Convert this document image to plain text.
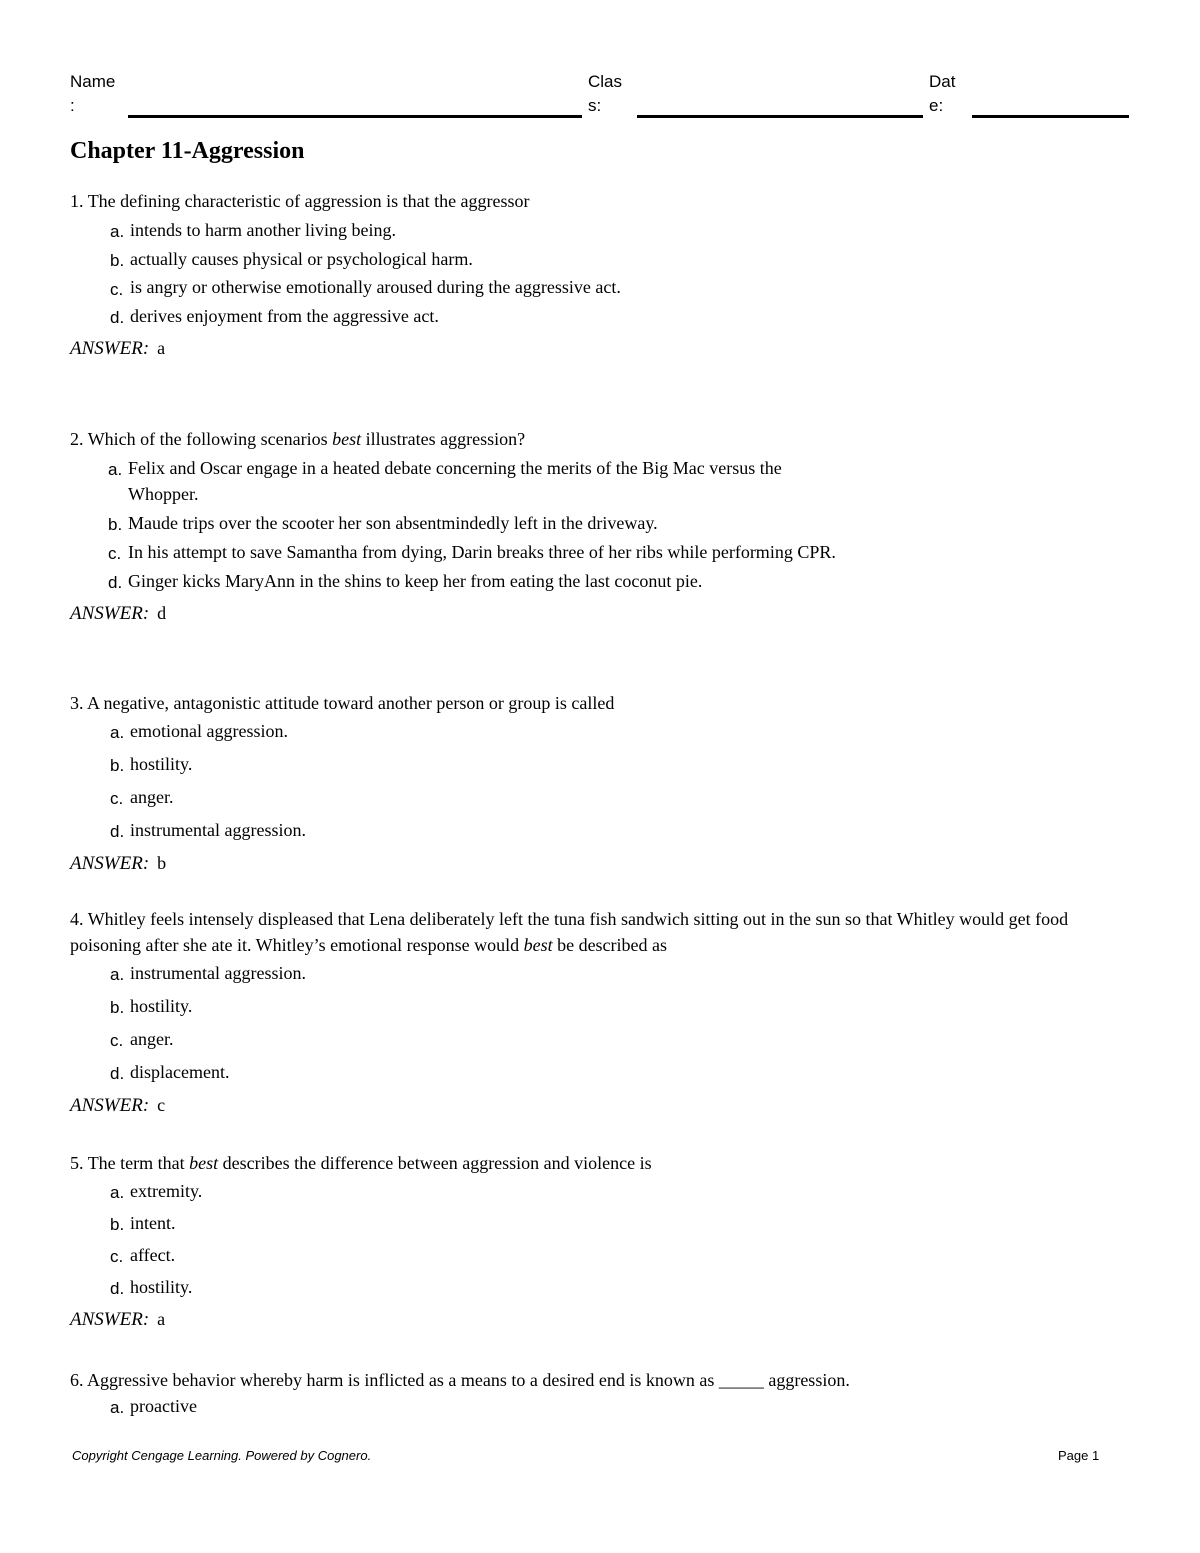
Name
:
Clas
s:
Dat
e:
Chapter 11-Aggression

1. The defining characteristic of aggression is that the aggressor

a. intends to harm another living being.
b. actually causes physical or psychological harm.
c. is angry or otherwise emotionally aroused during the aggressive act.
d. derives enjoyment from the aggressive act.
ANSWER: a

2. Which of the following scenarios best illustrates aggression?

a. Felix and Oscar engage in a heated debate concerning the merits of the Big Mac versus the Whopper.
b. Maude trips over the scooter her son absentmindedly left in the driveway.
c. In his attempt to save Samantha from dying, Darin breaks three of her ribs while performing CPR.
d. Ginger kicks MaryAnn in the shins to keep her from eating the last coconut pie.
ANSWER: d

3. A negative, antagonistic attitude toward another person or group is called

a. emotional aggression.
b. hostility.
c. anger.
d. instrumental aggression.
ANSWER: b

4. Whitley feels intensely displeased that Lena deliberately left the tuna fish sandwich sitting out in the sun so that Whitley would get food poisoning after she ate it. Whitley’s emotional response would best be described as

a. instrumental aggression.
b. hostility.
c. anger.
d. displacement.
ANSWER: c

5. The term that best describes the difference between aggression and violence is

a. extremity.
b. intent.
c. affect.
d. hostility.
ANSWER: a

6. Aggressive behavior whereby harm is inflicted as a means to a desired end is known as _____ aggression.

a. proactive
Copyright Cengage Learning. Powered by Cognero.	Page 1
